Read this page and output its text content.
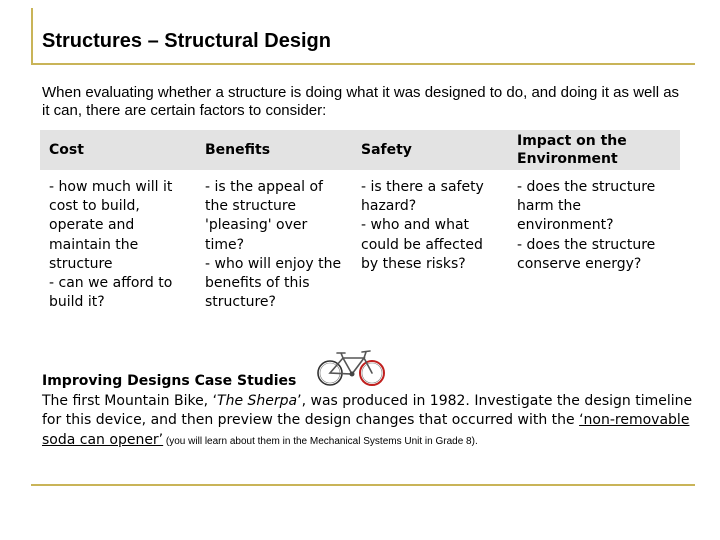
Structures – Structural Design
When evaluating whether a structure is doing what it was designed to do, and doing it as well as it can, there are certain factors to consider:
Cost	Benefits	Safety
Impact on the Environment
- how much will it
cost to build,
operate and
maintain the
structure
- can we afford to
build it?
- is the appeal of
the structure
'pleasing' over
time?
- who will enjoy the
benefits of this
structure?
- is there a safety
hazard?
- who and what
could be affected
by these risks?
- does the structure
harm the
environment?
- does the structure
conserve energy?
Improving Designs Case Studies
The first Mountain Bike, ‘The Sherpa’, was produced in 1982. Investigate the design timeline for this device, and then preview the design changes that occurred with the ‘non-removable soda can opener’ (you will learn about them in the Mechanical Systems Unit in Grade 8).
